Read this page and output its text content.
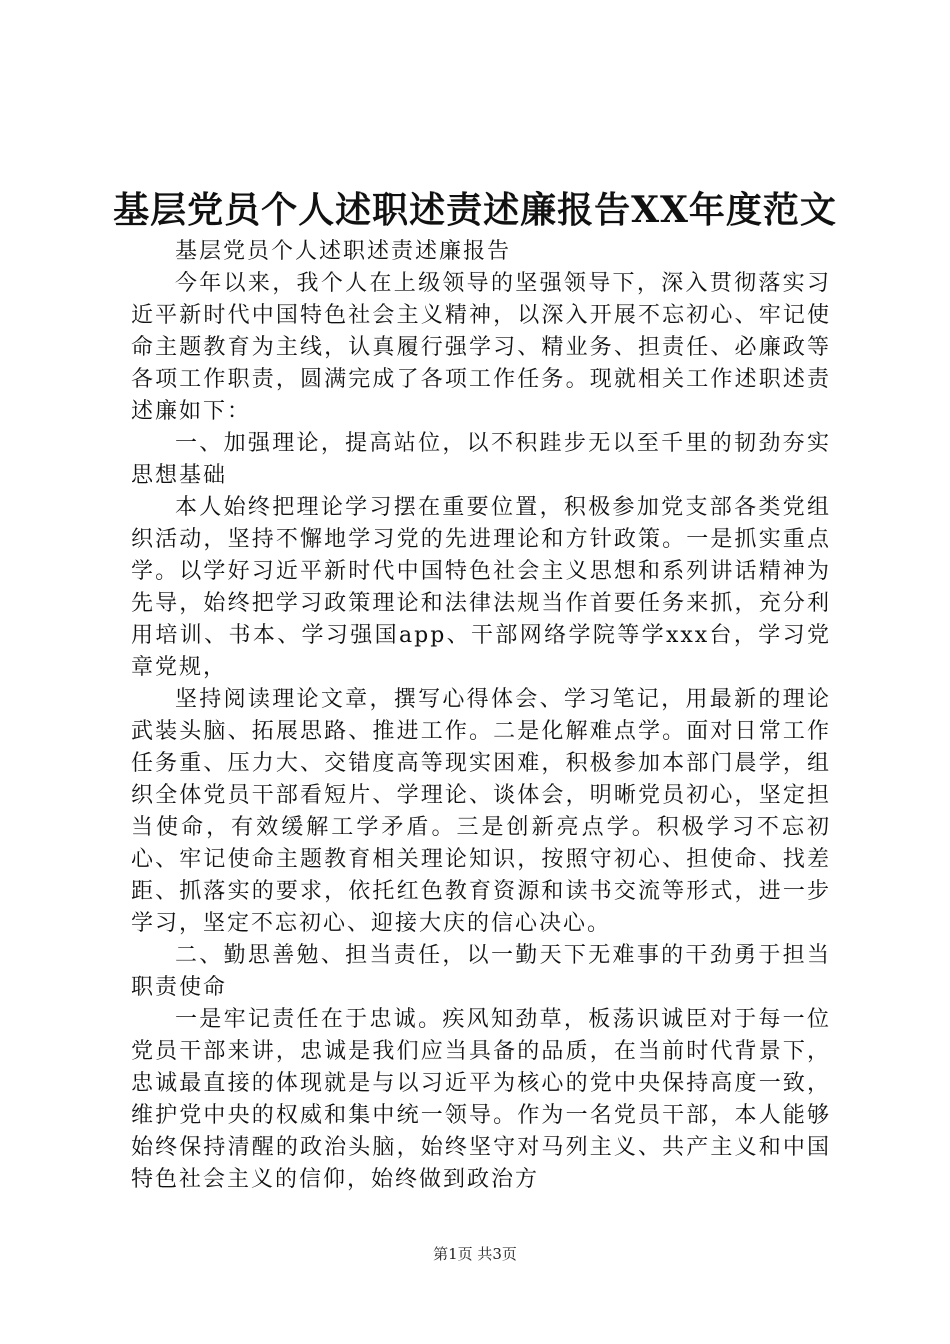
基层党员个人述职述责述廉报告XX年度范文

基层党员个人述职述责述廉报告

今年以来，我个人在上级领导的坚强领导下，深入贯彻落实习近平新时代中国特色社会主义精神，以深入开展不忘初心、牢记使命主题教育为主线，认真履行强学习、精业务、担责任、必廉政等各项工作职责，圆满完成了各项工作任务。现就相关工作述职述责述廉如下：

一、加强理论，提高站位，以不积跬步无以至千里的韧劲夯实思想基础

本人始终把理论学习摆在重要位置，积极参加党支部各类党组织活动，坚持不懈地学习党的先进理论和方针政策。一是抓实重点学。以学好习近平新时代中国特色社会主义思想和系列讲话精神为先导，始终把学习政策理论和法律法规当作首要任务来抓，充分利用培训、书本、学习强国app、干部网络学院等学xxx台，学习党章党规，

坚持阅读理论文章，撰写心得体会、学习笔记，用最新的理论武装头脑、拓展思路、推进工作。二是化解难点学。面对日常工作任务重、压力大、交错度高等现实困难，积极参加本部门晨学，组织全体党员干部看短片、学理论、谈体会，明晰党员初心，坚定担当使命，有效缓解工学矛盾。三是创新亮点学。积极学习不忘初心、牢记使命主题教育相关理论知识，按照守初心、担使命、找差距、抓落实的要求，依托红色教育资源和读书交流等形式，进一步学习，坚定不忘初心、迎接大庆的信心决心。

二、勤思善勉、担当责任，以一勤天下无难事的干劲勇于担当职责使命

一是牢记责任在于忠诚。疾风知劲草，板荡识诚臣对于每一位党员干部来讲，忠诚是我们应当具备的品质，在当前时代背景下，忠诚最直接的体现就是与以习近平为核心的党中央保持高度一致，维护党中央的权威和集中统一领导。作为一名党员干部，本人能够始终保持清醒的政治头脑，始终坚守对马列主义、共产主义和中国特色社会主义的信仰，始终做到政治方

第1页 共3页
